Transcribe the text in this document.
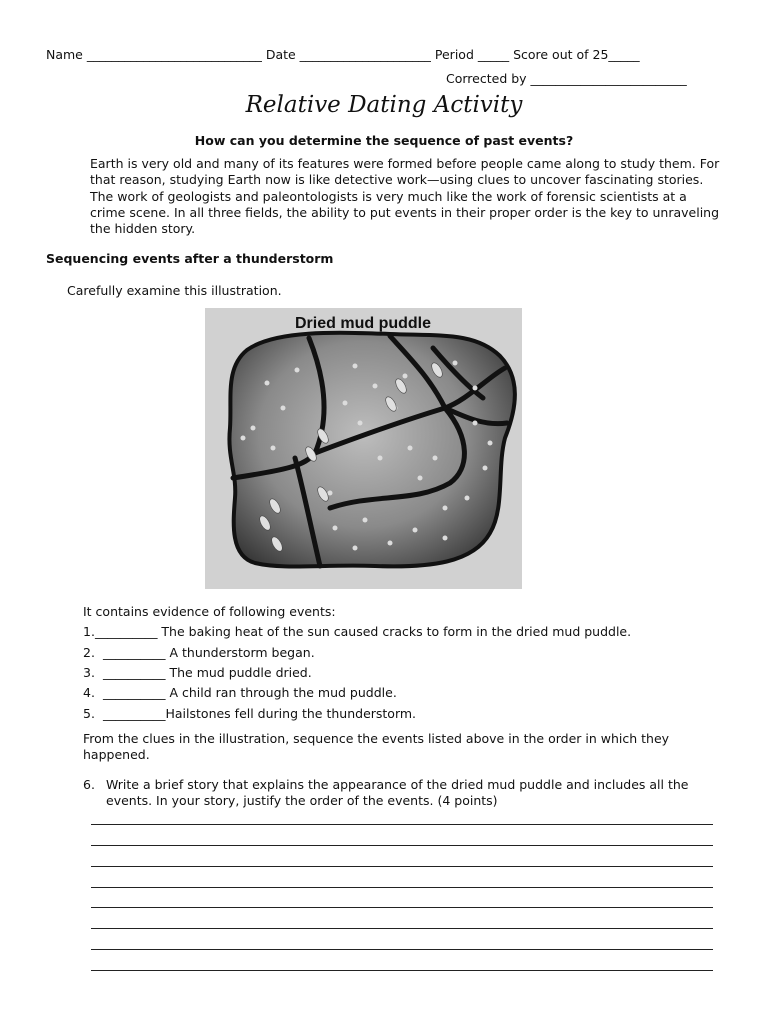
Name ____________________________ Date _____________________ Period _____ Score out of 25_____
Corrected by _________________________
Relative Dating Activity
How can you determine the sequence of past events?
Earth is very old and many of its features were formed before people came along to study them. For that reason, studying Earth now is like detective work—using clues to uncover fascinating stories. The work of geologists and paleontologists is very much like the work of forensic scientists at a crime scene. In all three fields, the ability to put events in their proper order is the key to unraveling the hidden story.
Sequencing events after a thunderstorm
Carefully examine this illustration.
Dried mud puddle
It contains evidence of following events:
1.__________ The baking heat of the sun caused cracks to form in the dried mud puddle.
2. __________ A thunderstorm began.
3. __________ The mud puddle dried.
4. __________ A child ran through the mud puddle.
5. __________Hailstones fell during the thunderstorm.
From the clues in the illustration, sequence the events listed above in the order in which they happened.
6. Write a brief story that explains the appearance of the dried mud puddle and includes all the events. In your story, justify the order of the events. (4 points)
